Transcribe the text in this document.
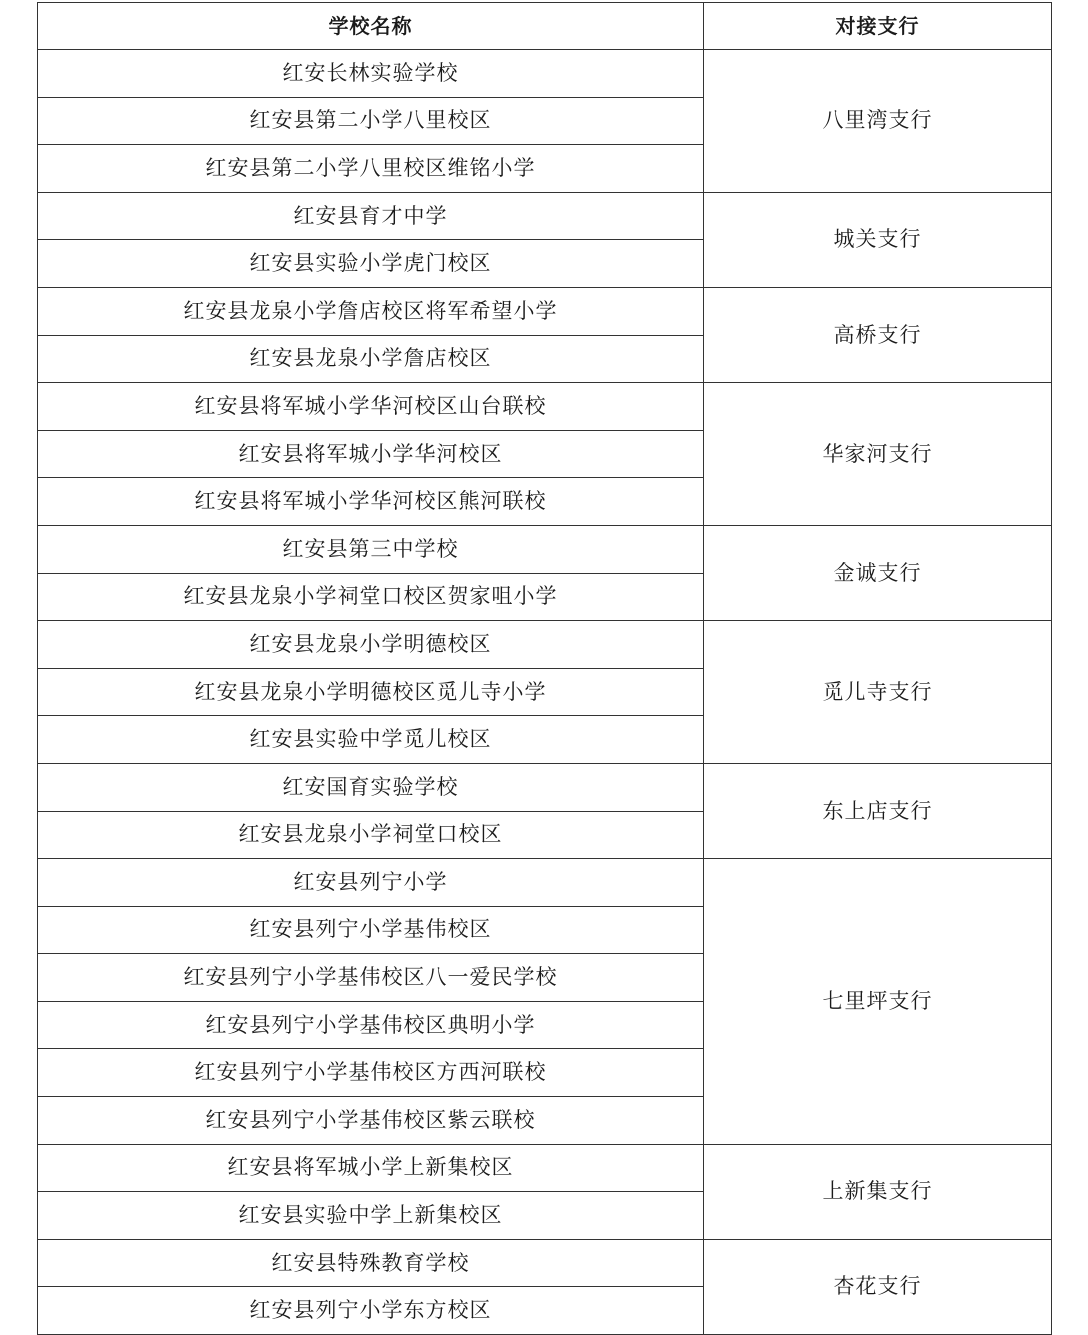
学校名称	对接支行
红安长林实验学校	八里湾支行
红安县第二小学八里校区	
红安县第二小学八里校区维铭小学	
红安县育才中学	城关支行
红安县实验小学虎门校区	
红安县龙泉小学詹店校区将军希望小学	高桥支行
红安县龙泉小学詹店校区	
红安县将军城小学华河校区山台联校	华家河支行
红安县将军城小学华河校区	
红安县将军城小学华河校区熊河联校	
红安县第三中学校	金诚支行
红安县龙泉小学祠堂口校区贺家咀小学	
红安县龙泉小学明德校区	觅儿寺支行
红安县龙泉小学明德校区觅儿寺小学	
红安县实验中学觅儿校区	
红安国育实验学校	东上店支行
红安县龙泉小学祠堂口校区	
红安县列宁小学	七里坪支行
红安县列宁小学基伟校区	
红安县列宁小学基伟校区八一爱民学校	
红安县列宁小学基伟校区典明小学	
红安县列宁小学基伟校区方西河联校	
红安县列宁小学基伟校区紫云联校	
红安县将军城小学上新集校区	上新集支行
红安县实验中学上新集校区	
红安县特殊教育学校	杏花支行
红安县列宁小学东方校区	
